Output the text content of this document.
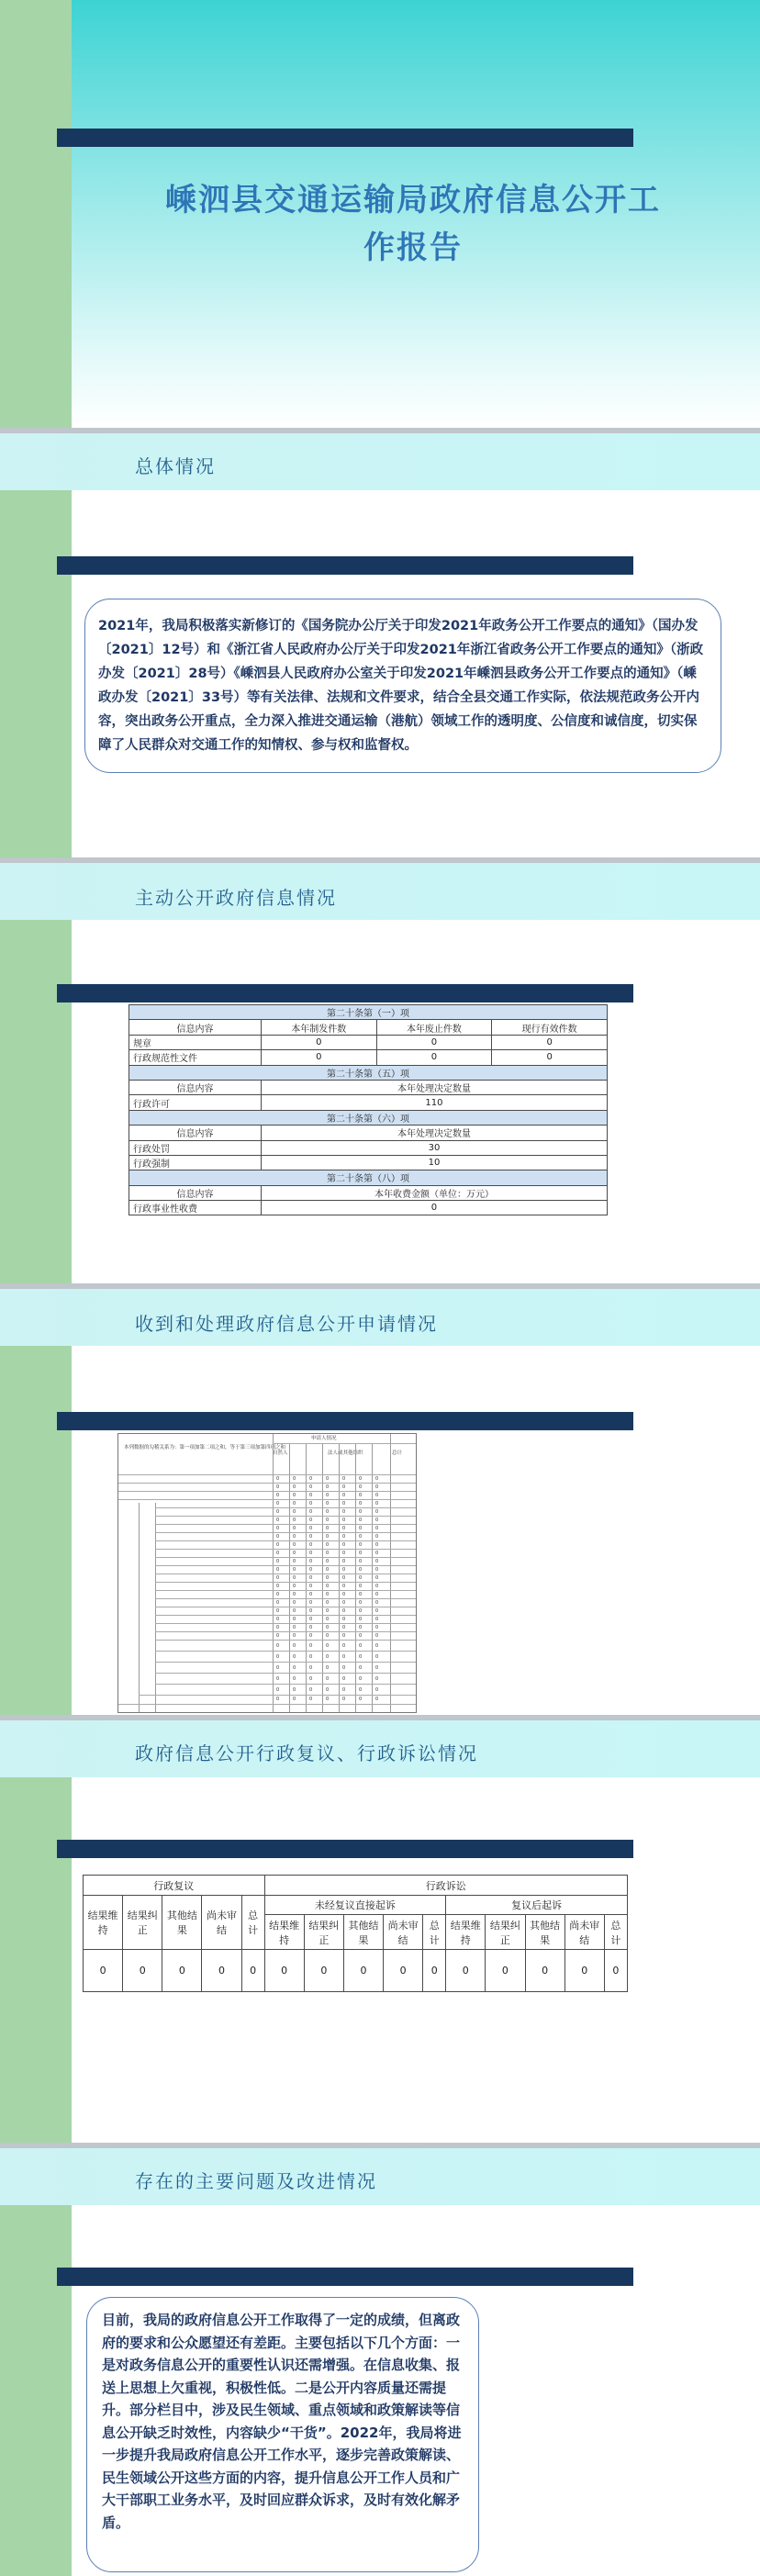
嵊泗县交通运输局政府信息公开工
作报告
总体情况
2021年，我局积极落实新修订的《国务院办公厅关于印发2021年政务公开工作要点的通知》（国办发〔2021〕12号）和《浙江省人民政府办公厅关于印发2021年浙江省政务公开工作要点的通知》（浙政办发〔2021〕28号）《嵊泗县人民政府办公室关于印发2021年嵊泗县政务公开工作要点的通知》（嵊政办发〔2021〕33号）等有关法律、法规和文件要求，结合全县交通工作实际，依法规范政务公开内容，突出政务公开重点，全力深入推进交通运输（港航）领域工作的透明度、公信度和诚信度，切实保障了人民群众对交通工作的知情权、参与权和监督权。
主动公开政府信息情况
第二十条第（一）项			
信息内容	本年制发件数	本年废止件数	现行有效件数
规章	0	0	0
行政规范性文件	0	0	0
第二十条第（五）项			
信息内容	本年处理决定数量		
行政许可	110		
第二十条第（六）项			
信息内容	本年处理决定数量		
行政处罚	30		
行政强制	10		
第二十条第（八）项			
信息内容	本年收费金额（单位：万元）		
行政事业性收费	0		
收到和处理政府信息公开申请情况
本列数据的勾稽关系为：第一项加第二项之和，等于第三项加第四项之和
申请人情况
自然人	法人或其他组织	总计
0	0	0	0	0	0	0
0	0	0	0	0	0	0
0	0	0	0	0	0	0
0	0	0	0	0	0	0
0	0	0	0	0	0	0
0	0	0	0	0	0	0
0	0	0	0	0	0	0
0	0	0	0	0	0	0
0	0	0	0	0	0	0
0	0	0	0	0	0	0
0	0	0	0	0	0	0
0	0	0	0	0	0	0
0	0	0	0	0	0	0
0	0	0	0	0	0	0
0	0	0	0	0	0	0
0	0	0	0	0	0	0
0	0	0	0	0	0	0
0	0	0	0	0	0	0
0	0	0	0	0	0	0
0	0	0	0	0	0	0
0	0	0	0	0	0	0
0	0	0	0	0	0	0
0	0	0	0	0	0	0
0	0	0	0	0	0	0
0	0	0	0	0	0	0
0	0	0	0	0	0	0
政府信息公开行政复议、行政诉讼情况
行政复议					行政诉讼									
结果维持	结果纠正	其他结果	尚未审结	总计	未经复议直接起诉					复议后起诉				
					结果维持	结果纠正	其他结果	尚未审结	总计	结果维持	结果纠正	其他结果	尚未审结	总计
0	0	0	0	0	0	0	0	0	0	0	0	0	0	0
存在的主要问题及改进情况
目前，我局的政府信息公开工作取得了一定的成绩，但离政府的要求和公众愿望还有差距。主要包括以下几个方面：一是对政务信息公开的重要性认识还需增强。在信息收集、报送上思想上欠重视，积极性低。二是公开内容质量还需提升。部分栏目中，涉及民生领域、重点领域和政策解读等信息公开缺乏时效性，内容缺少“干货”。2022年，我局将进一步提升我局政府信息公开工作水平，逐步完善政策解读、民生领域公开这些方面的内容，提升信息公开工作人员和广大干部职工业务水平，及时回应群众诉求，及时有效化解矛盾。
